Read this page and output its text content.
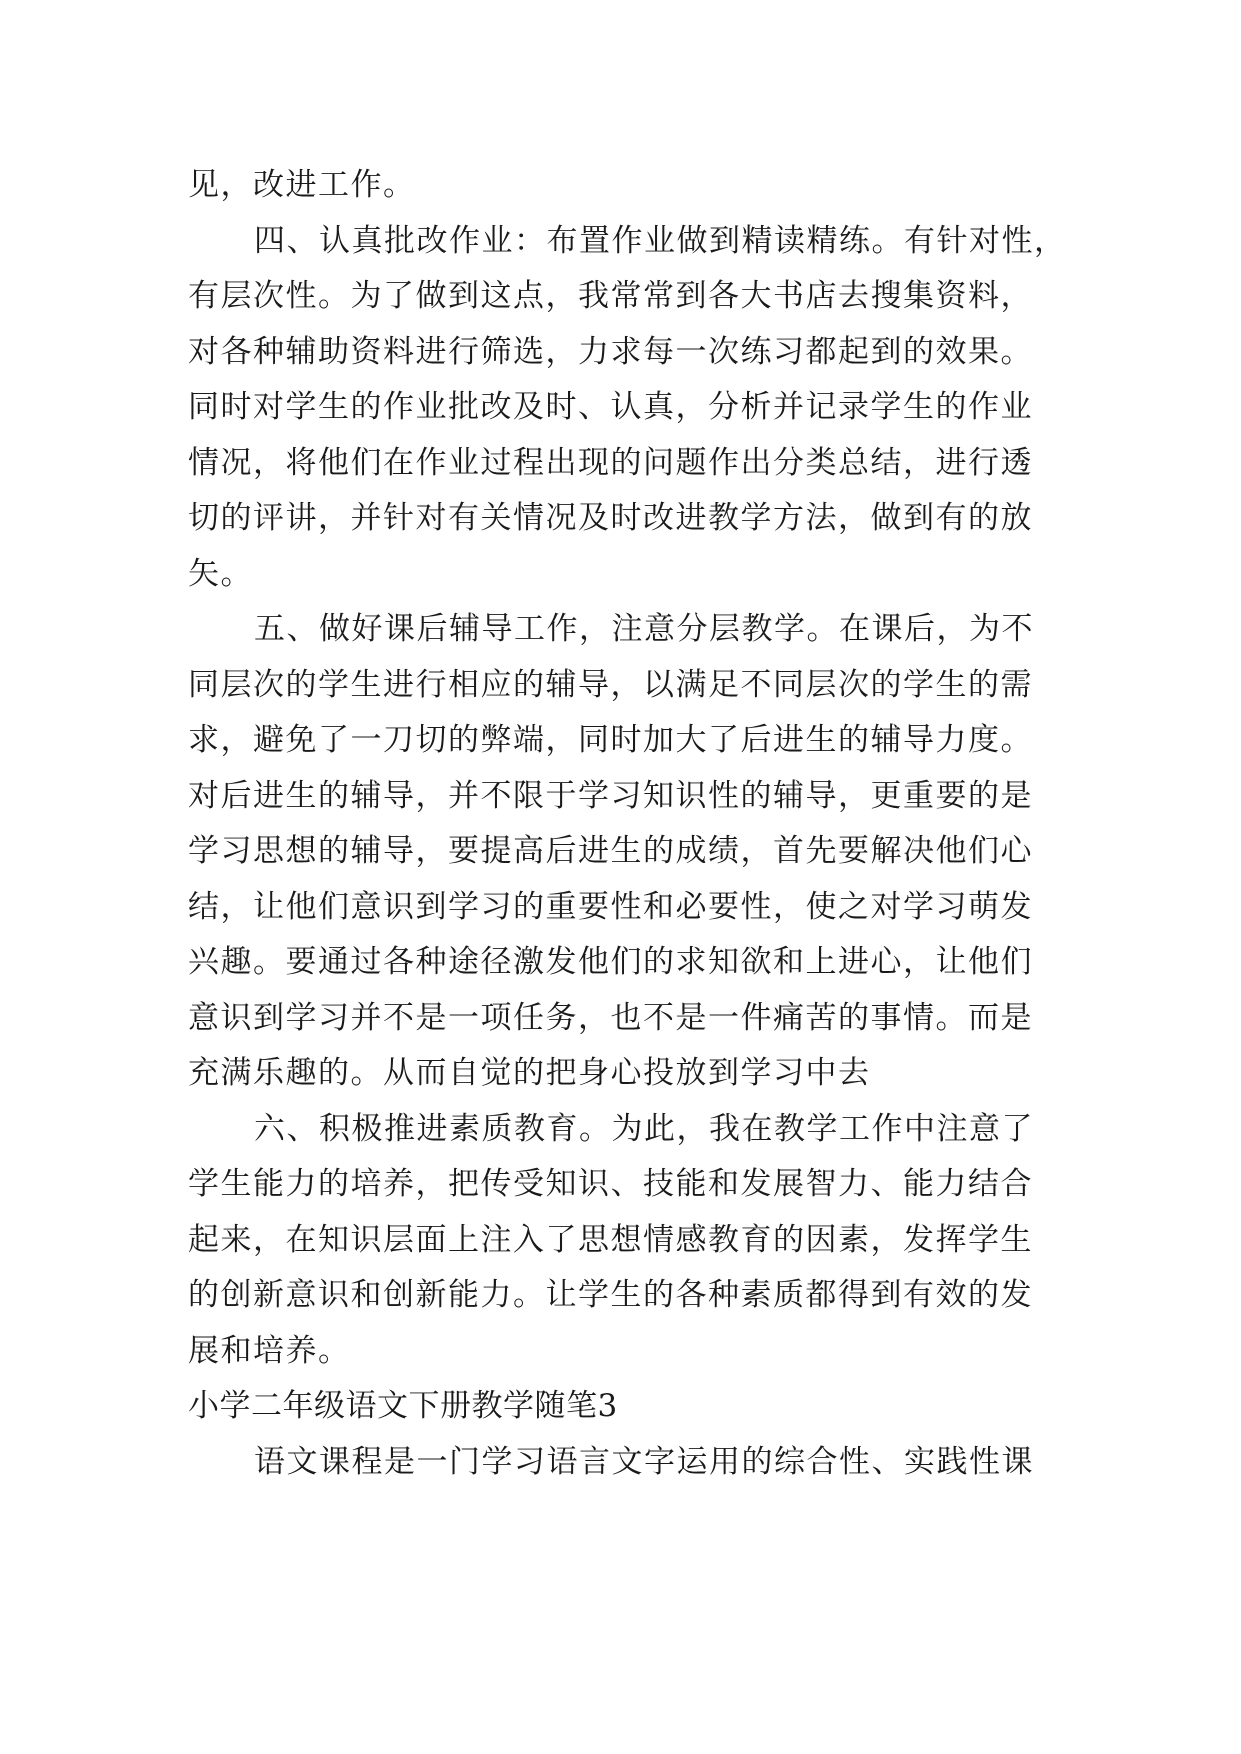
见，改进工作。
四、认真批改作业：布置作业做到精读精练。有针对性，
有层次性。为了做到这点，我常常到各大书店去搜集资料，
对各种辅助资料进行筛选，力求每一次练习都起到的效果。
同时对学生的作业批改及时、认真，分析并记录学生的作业
情况，将他们在作业过程出现的问题作出分类总结，进行透
切的评讲，并针对有关情况及时改进教学方法，做到有的放
矢。
五、做好课后辅导工作，注意分层教学。在课后，为不
同层次的学生进行相应的辅导，以满足不同层次的学生的需
求，避免了一刀切的弊端，同时加大了后进生的辅导力度。
对后进生的辅导，并不限于学习知识性的辅导，更重要的是
学习思想的辅导，要提高后进生的成绩，首先要解决他们心
结，让他们意识到学习的重要性和必要性，使之对学习萌发
兴趣。要通过各种途径激发他们的求知欲和上进心，让他们
意识到学习并不是一项任务，也不是一件痛苦的事情。而是
充满乐趣的。从而自觉的把身心投放到学习中去
六、积极推进素质教育。为此，我在教学工作中注意了
学生能力的培养，把传受知识、技能和发展智力、能力结合
起来，在知识层面上注入了思想情感教育的因素，发挥学生
的创新意识和创新能力。让学生的各种素质都得到有效的发
展和培养。
小学二年级语文下册教学随笔3
语文课程是一门学习语言文字运用的综合性、实践性课
